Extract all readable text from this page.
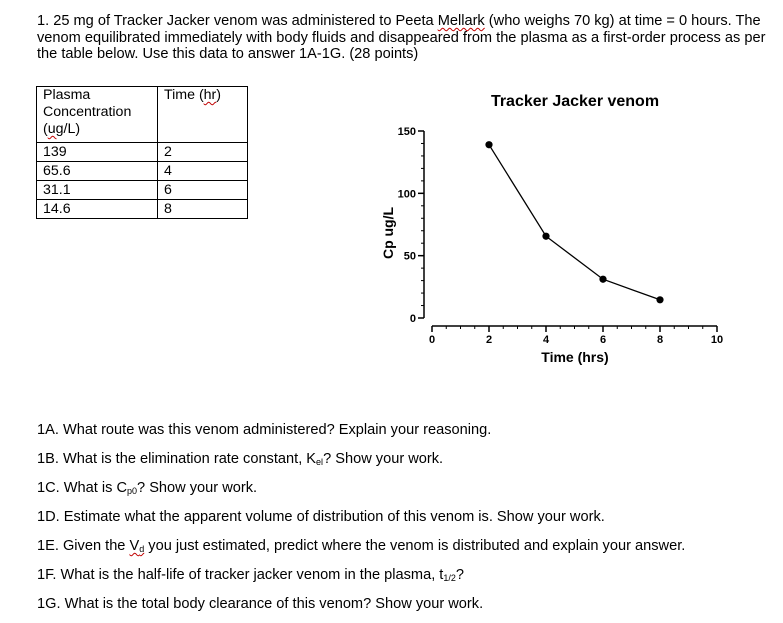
1. 25 mg of Tracker Jacker venom was administered to Peeta Mellark (who weighs 70 kg) at time = 0 hours. The venom equilibrated immediately with body fluids and disappeared from the plasma as a first-order process as per the table below. Use this data to answer 1A-1G. (28 points)
Plasma Concentration
(ug/L)	Time (hr)
139	2
65.6	4
31.1	6
14.6	8
Tracker Jacker venom
Cp ug/L
Time (hrs)
0
50
100
150
0	2	4	6	8	10
1A. What route was this venom administered? Explain your reasoning.
1B. What is the elimination rate constant, $K_{el}$? Show your work.
1C. What is $C_{p0}$? Show your work.
1D. Estimate what the apparent volume of distribution of this venom is. Show your work.
1E. Given the $V_d$ you just estimated, predict where the venom is distributed and explain your answer.
1F. What is the half-life of tracker jacker venom in the plasma, $t_{1/2}$?
1G. What is the total body clearance of this venom? Show your work.
